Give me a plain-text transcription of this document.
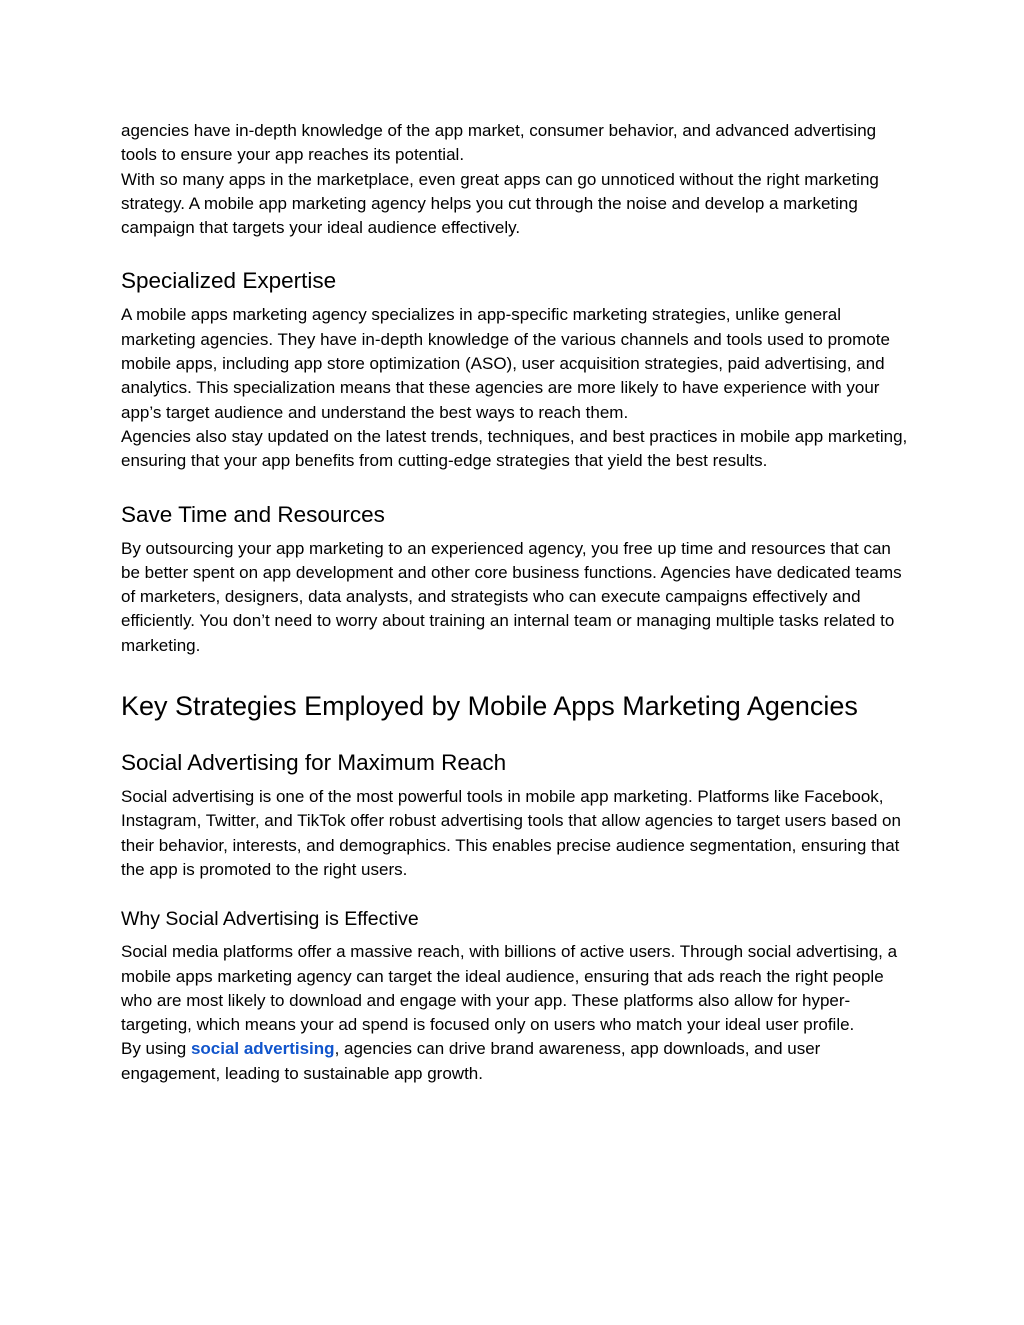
agencies have in-depth knowledge of the app market, consumer behavior, and advanced advertising tools to ensure your app reaches its potential.

With so many apps in the marketplace, even great apps can go unnoticed without the right marketing strategy. A mobile app marketing agency helps you cut through the noise and develop a marketing campaign that targets your ideal audience effectively.

Specialized Expertise

A mobile apps marketing agency specializes in app-specific marketing strategies, unlike general marketing agencies. They have in-depth knowledge of the various channels and tools used to promote mobile apps, including app store optimization (ASO), user acquisition strategies, paid advertising, and analytics. This specialization means that these agencies are more likely to have experience with your app’s target audience and understand the best ways to reach them.

Agencies also stay updated on the latest trends, techniques, and best practices in mobile app marketing, ensuring that your app benefits from cutting-edge strategies that yield the best results.

Save Time and Resources

By outsourcing your app marketing to an experienced agency, you free up time and resources that can be better spent on app development and other core business functions. Agencies have dedicated teams of marketers, designers, data analysts, and strategists who can execute campaigns effectively and efficiently. You don’t need to worry about training an internal team or managing multiple tasks related to marketing.

Key Strategies Employed by Mobile Apps Marketing Agencies
Social Advertising for Maximum Reach

Social advertising is one of the most powerful tools in mobile app marketing. Platforms like Facebook, Instagram, Twitter, and TikTok offer robust advertising tools that allow agencies to target users based on their behavior, interests, and demographics. This enables precise audience segmentation, ensuring that the app is promoted to the right users.

Why Social Advertising is Effective

Social media platforms offer a massive reach, with billions of active users. Through social advertising, a mobile apps marketing agency can target the ideal audience, ensuring that ads reach the right people who are most likely to download and engage with your app. These platforms also allow for hyper-targeting, which means your ad spend is focused only on users who match your ideal user profile.

By using social advertising, agencies can drive brand awareness, app downloads, and user engagement, leading to sustainable app growth.
